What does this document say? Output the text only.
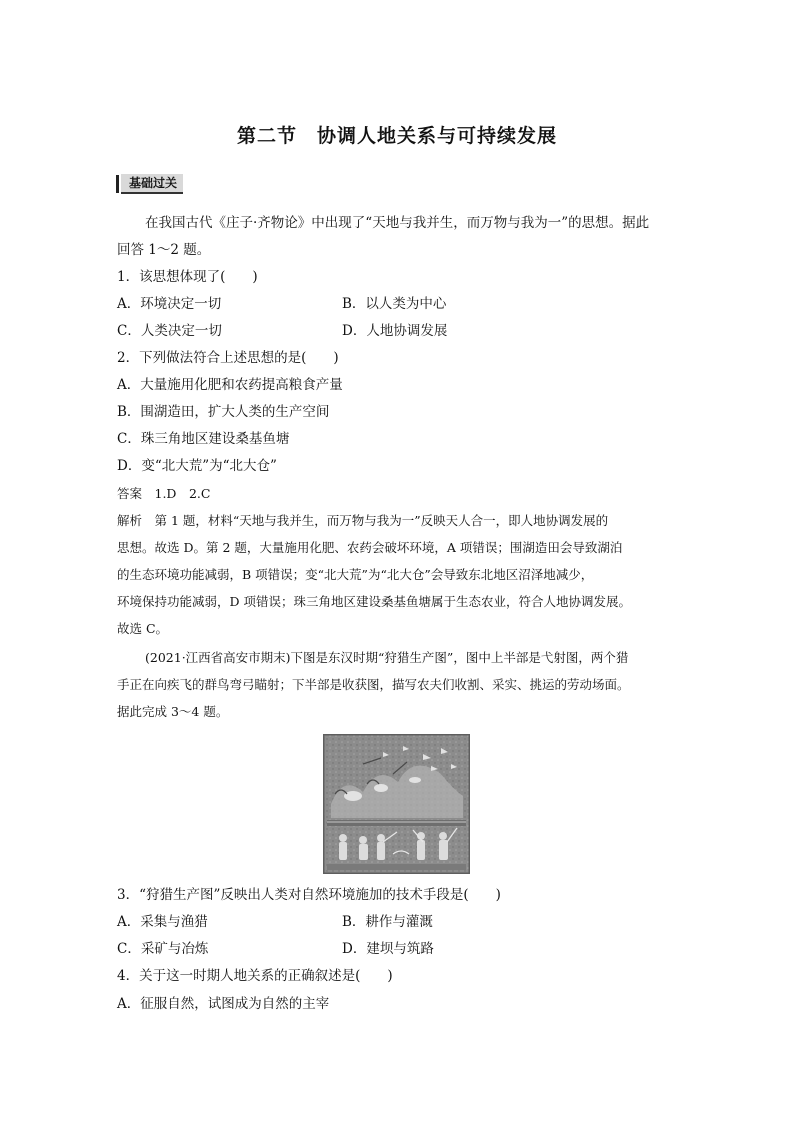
第二节　协调人地关系与可持续发展
基础过关
在我国古代《庄子·齐物论》中出现了“天地与我并生，而万物与我为一”的思想。据此
回答 1～2 题。
1．该思想体现了(　　)
A．环境决定一切	B．以人类为中心
C．人类决定一切	D．人地协调发展
2．下列做法符合上述思想的是(　　)
A．大量施用化肥和农药提高粮食产量
B．围湖造田，扩大人类的生产空间
C．珠三角地区建设桑基鱼塘
D．变“北大荒”为“北大仓”
答案　1.D　2.C
解析　第 1 题，材料“天地与我并生，而万物与我为一”反映天人合一，即人地协调发展的
思想。故选 D。第 2 题，大量施用化肥、农药会破坏环境，A 项错误；围湖造田会导致湖泊
的生态环境功能减弱，B 项错误；变“北大荒”为“北大仓”会导致东北地区沼泽地减少，
环境保持功能减弱，D 项错误；珠三角地区建设桑基鱼塘属于生态农业，符合人地协调发展。
故选 C。
(2021·江西省高安市期末)下图是东汉时期“狩猎生产图”，图中上半部是弋射图，两个猎
手正在向疾飞的群鸟弯弓瞄射；下半部是收获图，描写农夫们收割、采实、挑运的劳动场面。
据此完成 3～4 题。
3．“狩猎生产图”反映出人类对自然环境施加的技术手段是(　　)
A．采集与渔猎	B．耕作与灌溉
C．采矿与冶炼	D．建坝与筑路
4．关于这一时期人地关系的正确叙述是(　　)
A．征服自然，试图成为自然的主宰
